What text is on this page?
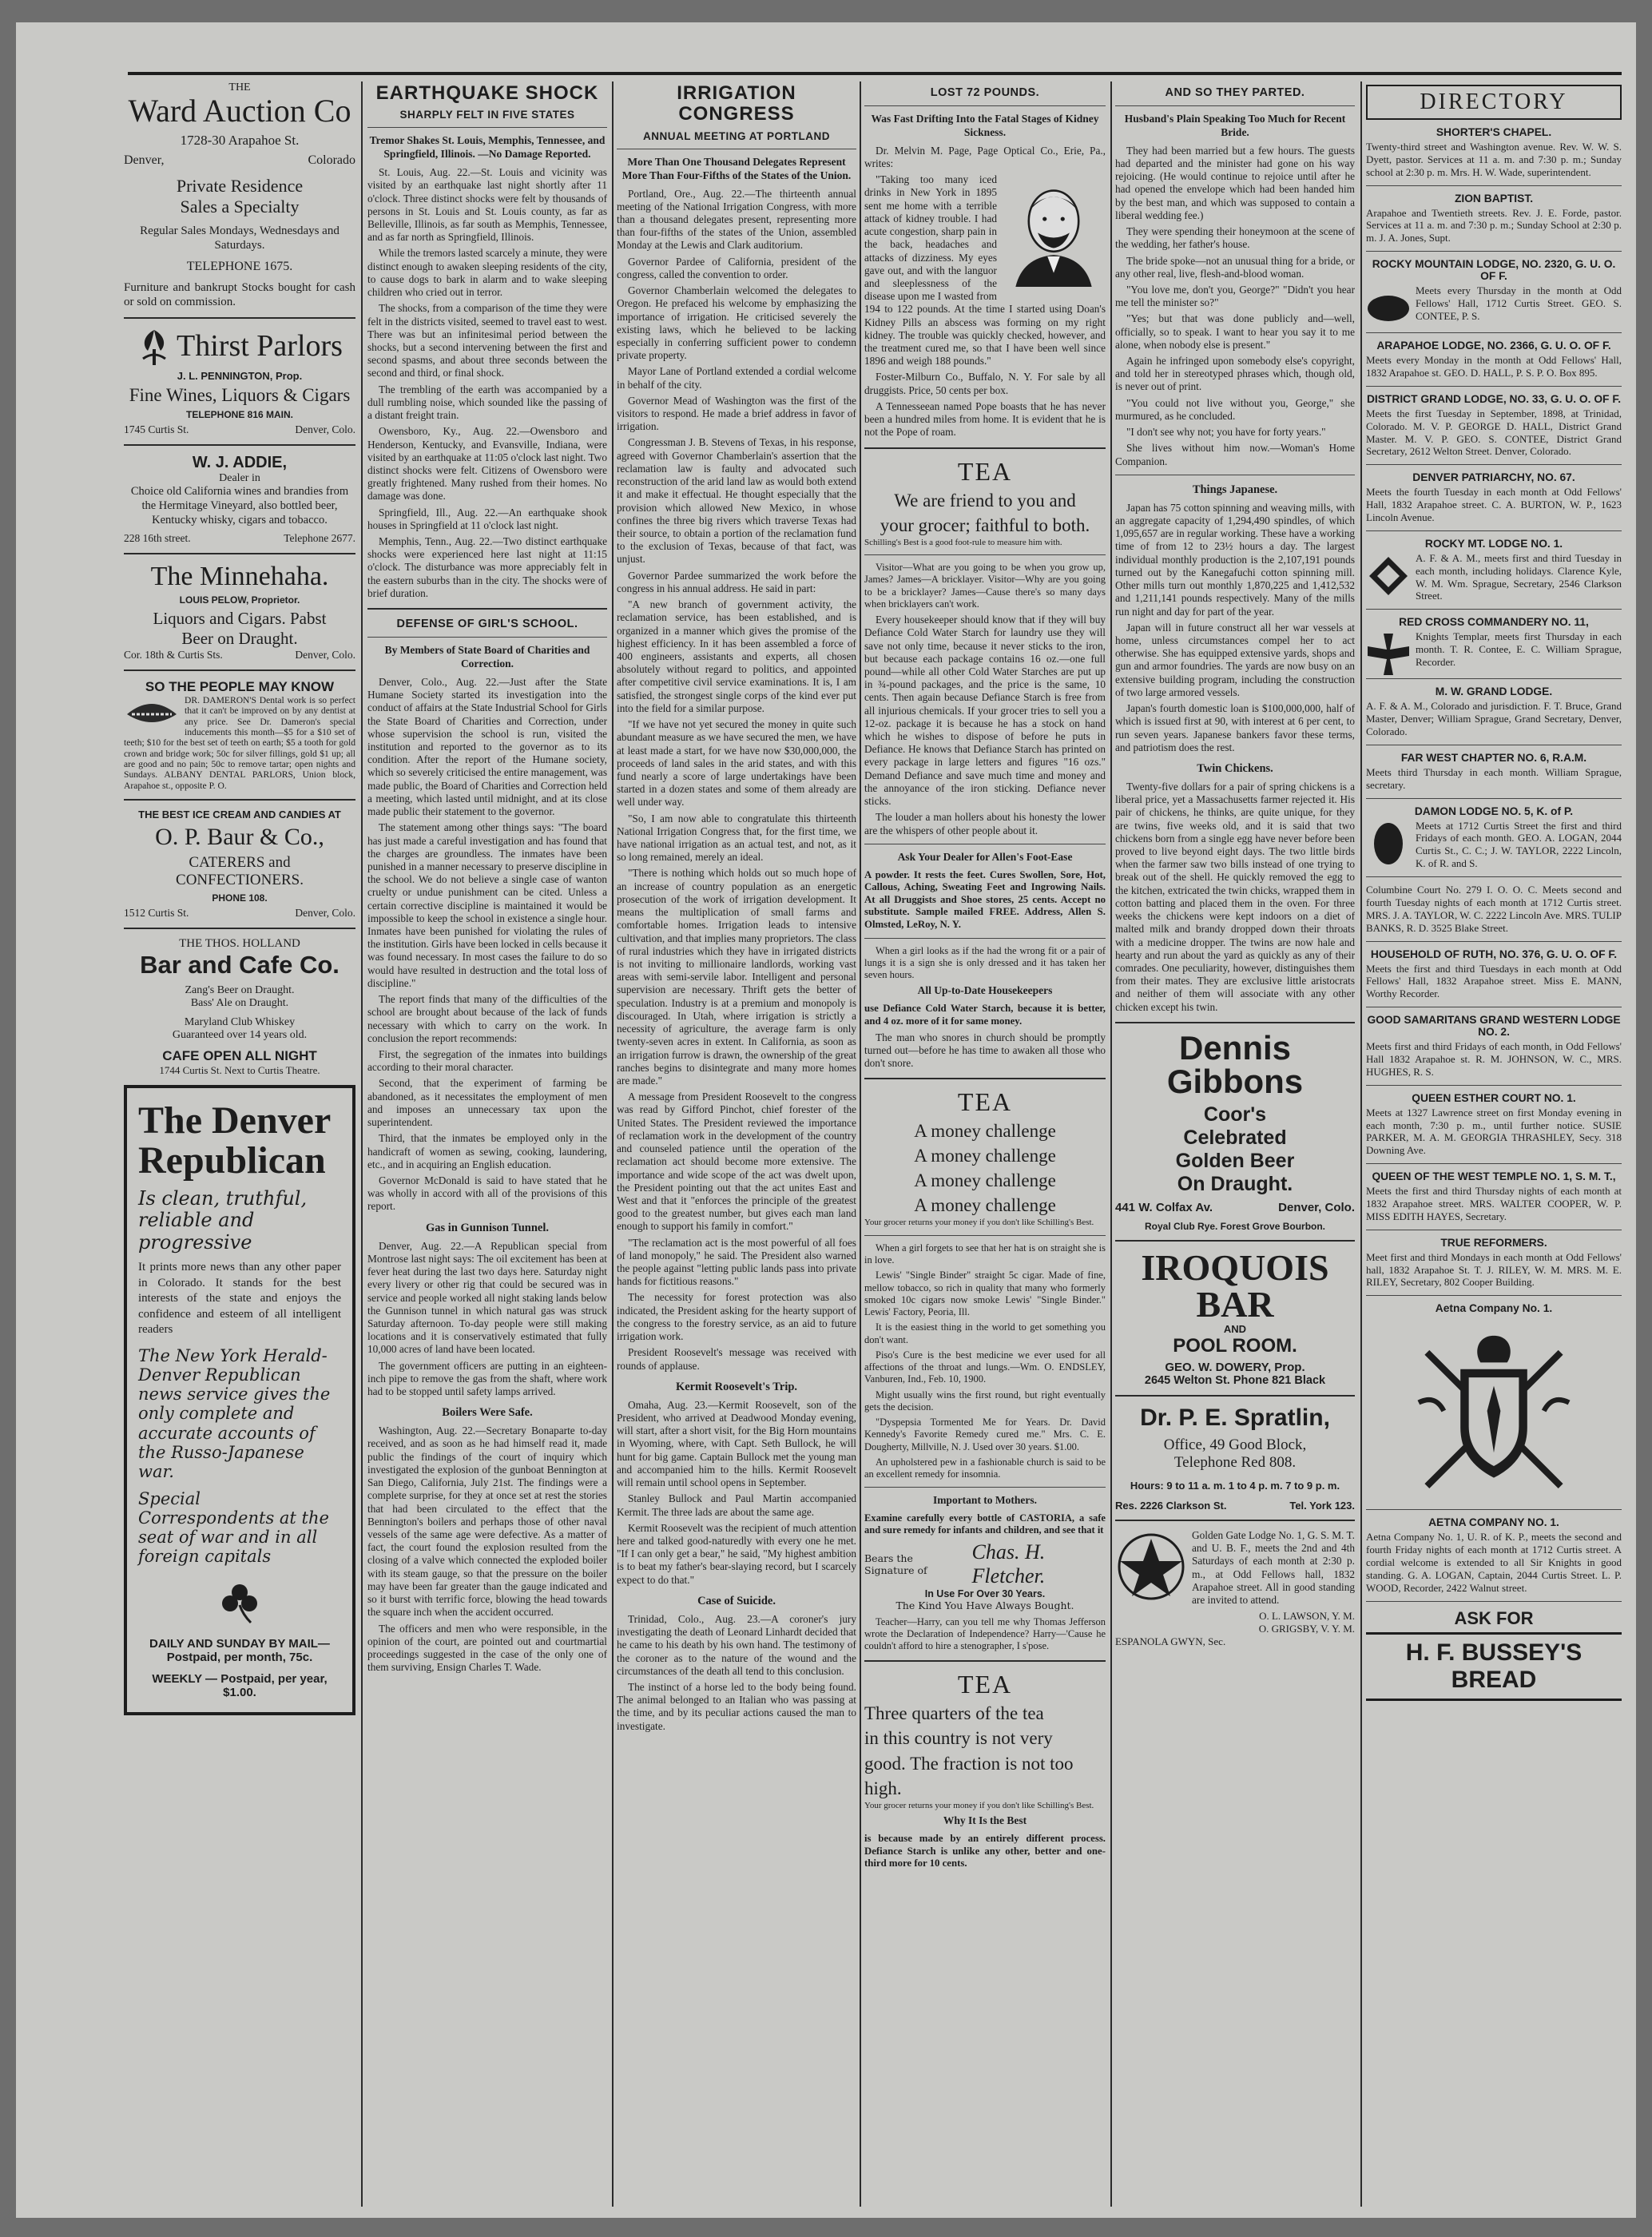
THE
Ward Auction Co
1728-30 Arapahoe St.
Denver,	Colorado
Private Residence
Sales a Specialty
Regular Sales Mondays, Wednesdays and Saturdays.
TELEPHONE 1675.
Furniture and bankrupt Stocks bought for cash or sold on commission.
Thirst Parlors
J. L. PENNINGTON, Prop.
Fine Wines, Liquors & Cigars
TELEPHONE 816 MAIN.
1745 Curtis St.	Denver, Colo.
W. J. ADDIE,
Dealer in
Choice old California wines and brandies from the Hermitage Vineyard, also bottled beer, Kentucky whisky, cigars and tobacco.
228 16th street.	Telephone 2677.
The Minnehaha.
LOUIS PELOW, Proprietor.
Liquors and Cigars. Pabst
Beer on Draught.
Cor. 18th & Curtis Sts.	Denver, Colo.
SO THE PEOPLE MAY KNOW
DR. DAMERON'S Dental work is so perfect that it can't be improved on by any dentist at any price. See Dr. Dameron's special inducements this month—$5 for a $10 set of teeth; $10 for the best set of teeth on earth; $5 a tooth for gold crown and bridge work; 50c for silver fillings, gold $1 up; all are good and no pain; 50c to remove tartar; open nights and Sundays. ALBANY DENTAL PARLORS, Union block, Arapahoe st., opposite P. O.
THE BEST ICE CREAM AND CANDIES AT
O. P. Baur & Co.,
CATERERS and
CONFECTIONERS.
PHONE 108.
1512 Curtis St.	Denver, Colo.
THE THOS. HOLLAND
Bar and Cafe Co.
Zang's Beer on Draught.
Bass' Ale on Draught.
Maryland Club Whiskey
Guaranteed over 14 years old.
CAFE OPEN ALL NIGHT
1744 Curtis St. Next to Curtis Theatre.
The Denver
Republican
Is clean, truthful, reliable and progressive
It prints more news than any other paper in Colorado. It stands for the best interests of the state and enjoys the confidence and esteem of all intelligent readers
The New York Herald-Denver Republican news service gives the only complete and accurate accounts of the Russo-Japanese war.
Special Correspondents at the seat of war and in all foreign capitals
DAILY AND SUNDAY BY MAIL—Postpaid, per month, 75c.
WEEKLY — Postpaid, per year, $1.00.
EARTHQUAKE SHOCK
SHARPLY FELT IN FIVE STATES
Tremor Shakes St. Louis, Memphis, Tennessee, and Springfield, Illinois. —No Damage Reported.

St. Louis, Aug. 22.—St. Louis and vicinity was visited by an earthquake last night shortly after 11 o'clock. Three distinct shocks were felt by thousands of persons in St. Louis and St. Louis county, as far as Belleville, Illinois, as far south as Memphis, Tennessee, and as far north as Springfield, Illinois.

While the tremors lasted scarcely a minute, they were distinct enough to awaken sleeping residents of the city, to cause dogs to bark in alarm and to wake sleeping children who cried out in terror.

The shocks, from a comparison of the time they were felt in the districts visited, seemed to travel east to west. There was but an infinitesimal period between the shocks, but a second intervening between the first and second spasms, and about three seconds between the second and third, or final shock.

The trembling of the earth was accompanied by a dull rumbling noise, which sounded like the passing of a distant freight train.

Owensboro, Ky., Aug. 22.—Owensboro and Henderson, Kentucky, and Evansville, Indiana, were visited by an earthquake at 11:05 o'clock last night. Two distinct shocks were felt. Citizens of Owensboro were greatly frightened. Many rushed from their homes. No damage was done.

Springfield, Ill., Aug. 22.—An earthquake shook houses in Springfield at 11 o'clock last night.

Memphis, Tenn., Aug. 22.—Two distinct earthquake shocks were experienced here last night at 11:15 o'clock. The disturbance was more appreciably felt in the eastern suburbs than in the city. The shocks were of brief duration.

DEFENSE OF GIRL'S SCHOOL.
By Members of State Board of Charities and Correction.

Denver, Colo., Aug. 22.—Just after the State Humane Society started its investigation into the conduct of affairs at the State Industrial School for Girls the State Board of Charities and Correction, under whose supervision the school is run, visited the institution and reported to the governor as to its condition. After the report of the Humane society, which so severely criticised the entire management, was made public, the Board of Charities and Correction held a meeting, which lasted until midnight, and at its close made public their statement to the governor.

The statement among other things says: "The board has just made a careful investigation and has found that the charges are groundless. The inmates have been punished in a manner necessary to preserve discipline in the school. We do not believe a single case of wanton cruelty or undue punishment can be cited. Unless a certain corrective discipline is maintained it would be impossible to keep the school in existence a single hour. Inmates have been punished for violating the rules of the institution. Girls have been locked in cells because it was found necessary. In most cases the failure to do so would have resulted in destruction and the total loss of discipline."

The report finds that many of the difficulties of the school are brought about because of the lack of funds necessary with which to carry on the work. In conclusion the report recommends:

First, the segregation of the inmates into buildings according to their moral character.

Second, that the experiment of farming be abandoned, as it necessitates the employment of men and imposes an unnecessary tax upon the superintendent.

Third, that the inmates be employed only in the handicraft of women as sewing, cooking, laundering, etc., and in acquiring an English education.

Governor McDonald is said to have stated that he was wholly in accord with all of the provisions of this report.

Gas in Gunnison Tunnel.

Denver, Aug. 22.—A Republican special from Montrose last night says: The oil excitement has been at fever heat during the last two days here. Saturday night every livery or other rig that could be secured was in service and people worked all night staking lands below the Gunnison tunnel in which natural gas was struck Saturday afternoon. To-day people were still making locations and it is conservatively estimated that fully 10,000 acres of land have been located.

The government officers are putting in an eighteen-inch pipe to remove the gas from the shaft, where work had to be stopped until safety lamps arrived.

Boilers Were Safe.

Washington, Aug. 22.—Secretary Bonaparte to-day received, and as soon as he had himself read it, made public the findings of the court of inquiry which investigated the explosion of the gunboat Bennington at San Diego, California, July 21st. The findings were a complete surprise, for they at once set at rest the stories that had been circulated to the effect that the Bennington's boilers and perhaps those of other naval vessels of the same age were defective. As a matter of fact, the court found the explosion resulted from the closing of a valve which connected the exploded boiler with its steam gauge, so that the pressure on the boiler may have been far greater than the gauge indicated and so it burst with terrific force, blowing the head towards the square inch when the accident occurred.

The officers and men who were responsible, in the opinion of the court, are pointed out and courtmartial proceedings suggested in the case of the only one of them surviving, Ensign Charles T. Wade.

IRRIGATION CONGRESS
ANNUAL MEETING AT PORTLAND
More Than One Thousand Delegates Represent More Than Four-Fifths of the States of the Union.

Portland, Ore., Aug. 22.—The thirteenth annual meeting of the National Irrigation Congress, with more than a thousand delegates present, representing more than four-fifths of the states of the Union, assembled Monday at the Lewis and Clark auditorium.

Governor Pardee of California, president of the congress, called the convention to order.

Governor Chamberlain welcomed the delegates to Oregon. He prefaced his welcome by emphasizing the importance of irrigation. He criticised severely the existing laws, which he believed to be lacking especially in conferring sufficient power to condemn private property.

Mayor Lane of Portland extended a cordial welcome in behalf of the city.

Governor Mead of Washington was the first of the visitors to respond. He made a brief address in favor of irrigation.

Congressman J. B. Stevens of Texas, in his response, agreed with Governor Chamberlain's assertion that the reclamation law is faulty and advocated such reconstruction of the arid land law as would both extend it and make it effectual. He thought especially that the provision which allowed New Mexico, in whose confines the three big rivers which traverse Texas had their source, to obtain a portion of the reclamation fund to the exclusion of Texas, because of that fact, was unjust.

Governor Pardee summarized the work before the congress in his annual address. He said in part:

"A new branch of government activity, the reclamation service, has been established, and is organized in a manner which gives the promise of the highest efficiency. In it has been assembled a force of 400 engineers, assistants and experts, all chosen absolutely without regard to politics, and appointed after competitive civil service examinations. It is, I am satisfied, the strongest single corps of the kind ever put into the field for a similar purpose.

"If we have not yet secured the money in quite such abundant measure as we have secured the men, we have at least made a start, for we have now $30,000,000, the proceeds of land sales in the arid states, and with this fund nearly a score of large undertakings have been started in a dozen states and some of them already are well under way.

"So, I am now able to congratulate this thirteenth National Irrigation Congress that, for the first time, we have national irrigation as an actual test, and not, as it so long remained, merely an ideal.

"There is nothing which holds out so much hope of an increase of country population as an energetic prosecution of the work of irrigation development. It means the multiplication of small farms and comfortable homes. Irrigation leads to intensive cultivation, and that implies many proprietors. The class of rural industries which they have in irrigated districts is not inviting to millionaire landlords, working vast areas with semi-servile labor. Intelligent and personal supervision are necessary. Thrift gets the better of speculation. Industry is at a premium and monopoly is discouraged. In Utah, where irrigation is strictly a necessity of agriculture, the average farm is only twenty-seven acres in extent. In California, as soon as an irrigation furrow is drawn, the ownership of the great ranches begins to disintegrate and many more homes are made."

A message from President Roosevelt to the congress was read by Gifford Pinchot, chief forester of the United States. The President reviewed the importance of reclamation work in the development of the country and counseled patience until the operation of the reclamation act should become more extensive. The importance and wide scope of the act was dwelt upon, the President pointing out that the act unites East and West and that it "enforces the principle of the greatest good to the greatest number, but gives each man land enough to support his family in comfort."

"The reclamation act is the most powerful of all foes of land monopoly," he said. The President also warned the people against "letting public lands pass into private hands for fictitious reasons."

The necessity for forest protection was also indicated, the President asking for the hearty support of the congress to the forestry service, as an aid to future irrigation work.

President Roosevelt's message was received with rounds of applause.

Kermit Roosevelt's Trip.

Omaha, Aug. 23.—Kermit Roosevelt, son of the President, who arrived at Deadwood Monday evening, will start, after a short visit, for the Big Horn mountains in Wyoming, where, with Capt. Seth Bullock, he will hunt for big game. Captain Bullock met the young man and accompanied him to the hills. Kermit Roosevelt will remain until school opens in September.

Stanley Bullock and Paul Martin accompanied Kermit. The three lads are about the same age.

Kermit Roosevelt was the recipient of much attention here and talked good-naturedly with every one he met. "If I can only get a bear," he said, "My highest ambition is to beat my father's bear-slaying record, but I scarcely expect to do that."

Case of Suicide.

Trinidad, Colo., Aug. 23.—A coroner's jury investigating the death of Leonard Linhardt decided that he came to his death by his own hand. The testimony of the coroner as to the nature of the wound and the circumstances of the death all tend to this conclusion.

The instinct of a horse led to the body being found. The animal belonged to an Italian who was passing at the time, and by its peculiar actions caused the man to investigate.

LOST 72 POUNDS.
Was Fast Drifting Into the Fatal Stages of Kidney Sickness.

Dr. Melvin M. Page, Page Optical Co., Erie, Pa., writes:

"Taking too many iced drinks in New York in 1895 sent me home with a terrible attack of kidney trouble. I had acute congestion, sharp pain in the back, headaches and attacks of dizziness. My eyes gave out, and with the languor and sleeplessness of the disease upon me I wasted from 194 to 122 pounds. At the time I started using Doan's Kidney Pills an abscess was forming on my right kidney. The trouble was quickly checked, however, and the treatment cured me, so that I have been well since 1896 and weigh 188 pounds."

Foster-Milburn Co., Buffalo, N. Y. For sale by all druggists. Price, 50 cents per box.

A Tennesseean named Pope boasts that he has never been a hundred miles from home. It is evident that he is not the Pope of roam.

TEA
We are friend to you and
your grocer; faithful to both.
Schilling's Best is a good foot-rule to measure him with.

Visitor—What are you going to be when you grow up, James? James—A bricklayer. Visitor—Why are you going to be a bricklayer? James—Cause there's so many days when bricklayers can't work.

Every housekeeper should know that if they will buy Defiance Cold Water Starch for laundry use they will save not only time, because it never sticks to the iron, but because each package contains 16 oz.—one full pound—while all other Cold Water Starches are put up in ¾-pound packages, and the price is the same, 10 cents. Then again because Defiance Starch is free from all injurious chemicals. If your grocer tries to sell you a 12-oz. package it is because he has a stock on hand which he wishes to dispose of before he puts in Defiance. He knows that Defiance Starch has printed on every package in large letters and figures "16 ozs." Demand Defiance and save much time and money and the annoyance of the iron sticking. Defiance never sticks.

The louder a man hollers about his honesty the lower are the whispers of other people about it.

Ask Your Dealer for Allen's Foot-Ease

A powder. It rests the feet. Cures Swollen, Sore, Hot, Callous, Aching, Sweating Feet and Ingrowing Nails. At all Druggists and Shoe stores, 25 cents. Accept no substitute. Sample mailed FREE. Address, Allen S. Olmsted, LeRoy, N. Y.

When a girl looks as if the had the wrong fit or a pair of lungs it is a sign she is only dressed and it has taken her seven hours.

All Up-to-Date Housekeepers

use Defiance Cold Water Starch, because it is better, and 4 oz. more of it for same money.

The man who snores in church should be promptly turned out—before he has time to awaken all those who don't snore.

TEA
A money challenge
A money challenge
A money challenge
A money challenge
Your grocer returns your money if you don't like Schilling's Best.

When a girl forgets to see that her hat is on straight she is in love.

Lewis' "Single Binder" straight 5c cigar. Made of fine, mellow tobacco, so rich in quality that many who formerly smoked 10c cigars now smoke Lewis' "Single Binder." Lewis' Factory, Peoria, Ill.

It is the easiest thing in the world to get something you don't want.

Piso's Cure is the best medicine we ever used for all affections of the throat and lungs.—Wm. O. ENDSLEY, Vanburen, Ind., Feb. 10, 1900.

Might usually wins the first round, but right eventually gets the decision.

"Dyspepsia Tormented Me for Years. Dr. David Kennedy's Favorite Remedy cured me." Mrs. C. E. Dougherty, Millville, N. J. Used over 30 years. $1.00.

An upholstered pew in a fashionable church is said to be an excellent remedy for insomnia.

Important to Mothers.

Examine carefully every bottle of CASTORIA, a safe and sure remedy for infants and children, and see that it

Bears the Signature of
Chas. H. Fletcher.
In Use For Over 30 Years.
The Kind You Have Always Bought.

Teacher—Harry, can you tell me why Thomas Jefferson wrote the Declaration of Independence? Harry—'Cause he couldn't afford to hire a stenographer, I s'pose.

TEA
Three quarters of the tea
in this country is not very
good. The fraction is not too
high.
Your grocer returns your money if you don't like Schilling's Best.
Why It Is the Best

is because made by an entirely different process. Defiance Starch is unlike any other, better and one-third more for 10 cents.

AND SO THEY PARTED.
Husband's Plain Speaking Too Much for Recent Bride.

They had been married but a few hours. The guests had departed and the minister had gone on his way rejoicing. (He would continue to rejoice until after he had opened the envelope which had been handed him by the best man, and which was supposed to contain a liberal wedding fee.)

They were spending their honeymoon at the scene of the wedding, her father's house.

The bride spoke—not an unusual thing for a bride, or any other real, live, flesh-and-blood woman.

"You love me, don't you, George?" "Didn't you hear me tell the minister so?"

"Yes; but that was done publicly and—well, officially, so to speak. I want to hear you say it to me alone, when nobody else is present."

Again he infringed upon somebody else's copyright, and told her in stereotyped phrases which, though old, is never out of print.

"You could not live without you, George," she murmured, as he concluded.

"I don't see why not; you have for forty years."

She lives without him now.—Woman's Home Companion.

Things Japanese.

Japan has 75 cotton spinning and weaving mills, with an aggregate capacity of 1,294,490 spindles, of which 1,095,657 are in regular working. These have a working time of from 12 to 23½ hours a day. The largest individual monthly production is the 2,107,191 pounds turned out by the Kanegafuchi cotton spinning mill. Other mills turn out monthly 1,870,225 and 1,412,532 and 1,211,141 pounds respectively. Many of the mills run night and day for part of the year.

Japan will in future construct all her war vessels at home, unless circumstances compel her to act otherwise. She has equipped extensive yards, shops and gun and armor foundries. The yards are now busy on an extensive building program, including the construction of two large armored vessels.

Japan's fourth domestic loan is $100,000,000, half of which is issued first at 90, with interest at 6 per cent, to run seven years. Japanese bankers favor these terms, and patriotism does the rest.

Twin Chickens.

Twenty-five dollars for a pair of spring chickens is a liberal price, yet a Massachusetts farmer rejected it. His pair of chickens, he thinks, are quite unique, for they are twins, five weeks old, and it is said that two chickens born from a single egg have never before been proved to live beyond eight days. The two little birds when the farmer saw two bills instead of one trying to break out of the shell. He quickly removed the egg to the kitchen, extricated the twin chicks, wrapped them in cotton batting and placed them in the oven. For three weeks the chickens were kept indoors on a diet of malted milk and brandy dropped down their throats with a medicine dropper. The twins are now hale and hearty and run about the yard as quickly as any of their comrades. One peculiarity, however, distinguishes them from their mates. They are exclusive little aristocrats and neither of them will associate with any other chicken except his twin.

Dennis Gibbons
Coor's
Celebrated
Golden Beer
On Draught.
441 W. Colfax Av.	Denver, Colo.
Royal Club Rye. Forest Grove Bourbon.
IROQUOIS BAR
AND
POOL ROOM.
GEO. W. DOWERY, Prop.
2645 Welton St. Phone 821 Black
Dr. P. E. Spratlin,
Office, 49 Good Block,
Telephone Red 808.
Hours: 9 to 11 a. m. 1 to 4 p. m. 7 to 9 p. m.
Res. 2226 Clarkson St.	Tel. York 123.

Golden Gate Lodge No. 1, G. S. M. T. and U. B. F., meets the 2nd and 4th Saturdays of each month at 2:30 p. m., at Odd Fellows hall, 1832 Arapahoe street. All in good standing are invited to attend.

O. L. LAWSON, Y. M.
O. GRIGSBY, V. Y. M.
ESPANOLA GWYN, Sec.
DIRECTORY
SHORTER'S CHAPEL.

Twenty-third street and Washington avenue. Rev. W. W. S. Dyett, pastor. Services at 11 a. m. and 7:30 p. m.; Sunday school at 2:30 p. m. Mrs. H. W. Wade, superintendent.

ZION BAPTIST.

Arapahoe and Twentieth streets. Rev. J. E. Forde, pastor. Services at 11 a. m. and 7:30 p. m.; Sunday School at 2:30 p. m. J. A. Jones, Supt.

ROCKY MOUNTAIN LODGE, NO. 2320, G. U. O. OF F.

Meets every Thursday in the month at Odd Fellows' Hall, 1712 Curtis Street. GEO. S. CONTEE, P. S.

ARAPAHOE LODGE, NO. 2366, G. U. O. OF F.

Meets every Monday in the month at Odd Fellows' Hall, 1832 Arapahoe st. GEO. D. HALL, P. S. P. O. Box 895.

DISTRICT GRAND LODGE, NO. 33, G. U. O. OF F.

Meets the first Tuesday in September, 1898, at Trinidad, Colorado. M. V. P. GEORGE D. HALL, District Grand Master. M. V. P. GEO. S. CONTEE, District Grand Secretary, 2612 Welton Street. Denver, Colorado.

DENVER PATRIARCHY, NO. 67.

Meets the fourth Tuesday in each month at Odd Fellows' Hall, 1832 Arapahoe street. C. A. BURTON, W. P., 1623 Lincoln Avenue.

ROCKY MT. LODGE NO. 1.

A. F. & A. M., meets first and third Tuesday in each month, including holidays. Clarence Kyle, W. M. Wm. Sprague, Secretary, 2546 Clarkson Street.

RED CROSS COMMANDERY NO. 11,

Knights Templar, meets first Thursday in each month. T. R. Contee, E. C. William Sprague, Recorder.

M. W. GRAND LODGE.

A. F. & A. M., Colorado and jurisdiction. F. T. Bruce, Grand Master, Denver; William Sprague, Grand Secretary, Denver, Colorado.

FAR WEST CHAPTER NO. 6, R.A.M.

Meets third Thursday in each month. William Sprague, secretary.

DAMON LODGE NO. 5, K. of P.

Meets at 1712 Curtis Street the first and third Fridays of each month. GEO. A. LOGAN, 2044 Curtis St., C. C.; J. W. TAYLOR, 2222 Lincoln, K. of R. and S.

Columbine Court No. 279 I. O. O. C. Meets second and fourth Tuesday nights of each month at 1712 Curtis street. MRS. J. A. TAYLOR, W. C. 2222 Lincoln Ave. MRS. TULIP BANKS, R. D. 3525 Blake Street.

HOUSEHOLD OF RUTH, NO. 376, G. U. O. OF F.

Meets the first and third Tuesdays in each month at Odd Fellows' Hall, 1832 Arapahoe street. Miss E. MANN, Worthy Recorder.

GOOD SAMARITANS GRAND WESTERN LODGE NO. 2.

Meets first and third Fridays of each month, in Odd Fellows' Hall 1832 Arapahoe st. R. M. JOHNSON, W. C., MRS. HUGHES, R. S.

QUEEN ESTHER COURT NO. 1.

Meets at 1327 Lawrence street on first Monday evening in each month, 7:30 p. m., until further notice. SUSIE PARKER, M. A. M. GEORGIA THRASHLEY, Secy. 318 Downing Ave.

QUEEN OF THE WEST TEMPLE NO. 1, S. M. T.,

Meets the first and third Thursday nights of each month at 1832 Arapahoe street. MRS. WALTER COOPER, W. P. MISS EDITH HAYES, Secretary.

TRUE REFORMERS.

Meet first and third Mondays in each month at Odd Fellows' hall, 1832 Arapahoe St. T. J. RILEY, W. M. MRS. M. E. RILEY, Secretary, 802 Cooper Building.

Aetna Company No. 1.
AETNA COMPANY NO. 1.

Aetna Company No. 1, U. R. of K. P., meets the second and fourth Friday nights of each month at 1712 Curtis street. A cordial welcome is extended to all Sir Knights in good standing. G. A. LOGAN, Captain, 2044 Curtis Street. L. P. WOOD, Recorder, 2422 Walnut street.

ASK FOR
H. F. BUSSEY'S BREAD
